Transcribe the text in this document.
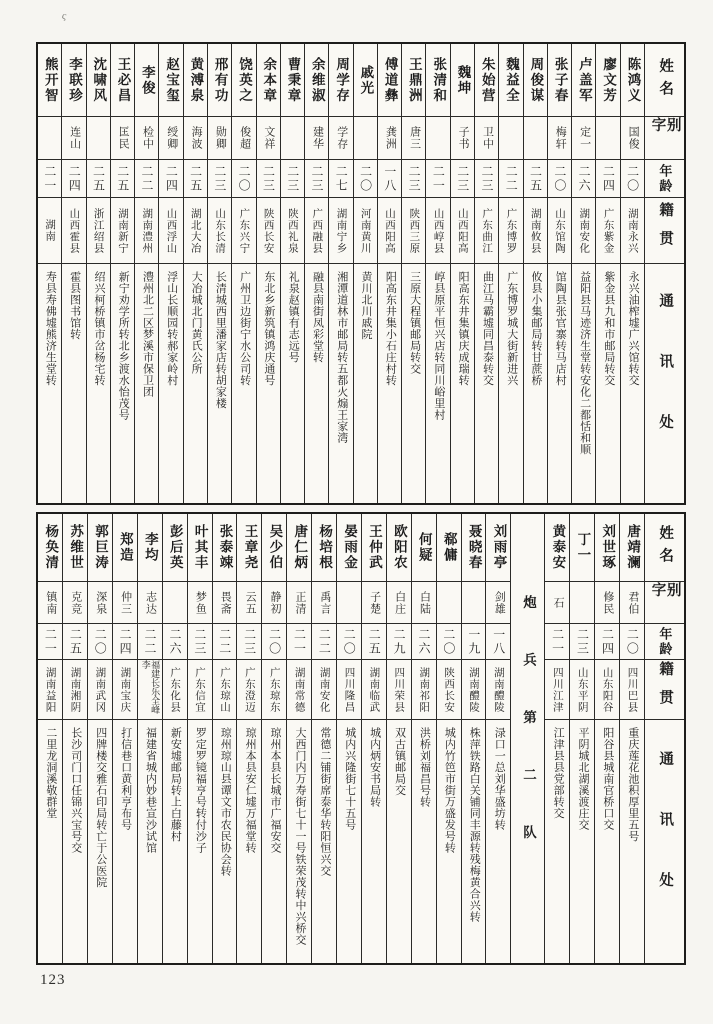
ς
姓名
别字
年龄
籍贯
通讯处
陈鸿义
国俊
二〇
湖南永兴
永兴油榨墟广兴馆转交
廖文芳
二四
广东紫金
紫金县九和市邮局转交
卢盖军
定一
二六
湖南安化
益阳县马迹济生堂转安化二都恬和顺
张子春
梅轩
二〇
山东馆陶
馆陶县张官寨转马店村
周俊谋
二五
湖南攸县
攸县小集邮局转甘蔗桥
魏益全
二二
广东博罗
广东博罗城大街新进兴
朱始营
卫中
二三
广东曲江
曲江马霸墟同昌泰转交
魏坤
子书
二三
山西阳高
阳高东井集镇庆成瑞转
张清和
二一
山西崞县
崞县原平恒兴店转同川峪里村
王鼎洲
唐三
二三
陕西三原
三原大程镇邮局转交
傅道彝
龚洲
一八
山西阳高
阳高东井集小石庄村转
戚光
二〇
河南黄川
黄川北川戚院
周学存
学存
二七
湖南宁乡
湘潭道林市邮局转五都火煽王家湾
余维淑
建华
二三
广西融县
融县南街凤彩堂转
曹秉章
二三
陕西礼泉
礼泉赵镇有志远号
余本章
文祥
二三
陕西长安
东北乡新筑镇鸿庆通号
饶英之
俊超
二〇
广东兴宁
广州卫边街宁水公司转
邢有功
勋卿
二三
山东长清
长清城西里潘家店转胡家楼
黄溥泉
海波
二五
湖北大冶
大冶城北门黄氏公所
赵宝玺
绶卿
二四
山西浮山
浮山长顺园转郝家岭村
李俊
检中
二二
湖南澧州
澧州北二区梦溪市保卫团
王必昌
匡民
二五
湖南新宁
新宁劝学所转北乡渡水怡茂号
沈啸风
二五
浙江绍县
绍兴柯桥镇市岔杨宅转
李联珍
连山
二四
山西霍县
霍县图书馆转
熊开智
二一
湖南
寿县寿佛墟熊济生堂转
姓名
别字
年龄
籍贯
通讯处
唐靖澜
君伯
二〇
四川巴县
重庆莲花池积厚里五号
刘世琢
修民
二四
山东阳谷
阳谷县城南官桥口交
丁一
二三
山东平阴
平阴城北湖溪渡庄交
黄泰安
石
二一
四川江津
江津县县党部转交
炮兵第二队
刘雨亭
剑雄
一八
湖南醴陵
渌口一总刘华盛坊转
聂晓春
一九
湖南醴陵
株萍铁路白关铺同丰源转残梅黄合兴转
郗傭
二〇
陕西长安
城内竹笆市街万盛发号转
何疑
白陆
二六
湖南祁阳
洪桥刘福昌号转
欧阳农
白庄
二九
四川荣县
双古镇邮局交
王仲武
子楚
二五
湖南临武
城内炳安书局转
晏雨金
二〇
四川隆昌
城内兴隆街七十五号
杨培根
禹言
二二
湖南安化
常德二铺街席泰华转阳恒兴交
唐仁炳
正清
二一
湖南常德
大西门内万寿街七十一号铁荣茂转中兴桥交
吴少伯
静初
二〇
广东琼东
琼州本县长城市广福安交
王章尧
云五
二三
广东澄迈
琼州本县安仁墟万福堂转
张泰竦
畏斋
二二
广东琼山
琼州琼山县谭文市农民协会转
叶其丰
梦鱼
二三
广东信宜
罗定罗镜福亨号转付沙子
彭后英
二六
广东化县
新安墟邮局转上白藤村
李均
志达
二二
福建长乐全峰李
福建省城内妙巷宣沙试馆
郑造
仲三
二四
湖南宝庆
打信巷口黄利亨布号
郭巨涛
深泉
二〇
湖南武冈
四牌楼交雅石印局转亡于公医院
苏维世
克竞
二五
湖南湘阴
长沙司门口任锦兴宝号交
杨奂清
镇南
二一
湖南益阳
二里龙洞溪敬群堂
123
